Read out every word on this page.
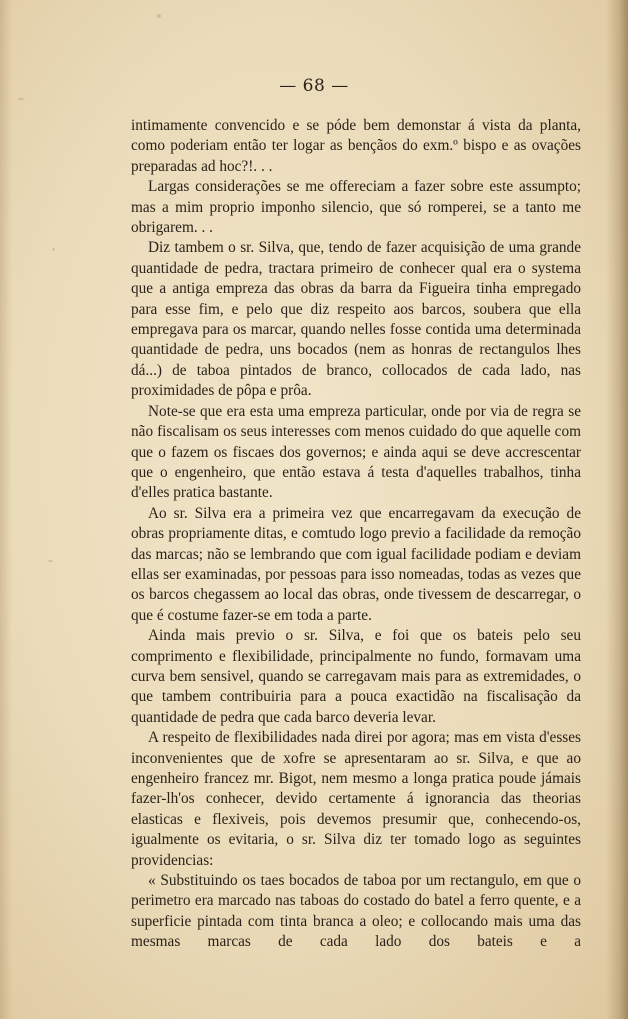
— 68 —

intimamente convencido e se póde bem demonstar á vista da planta, como poderiam então ter logar as bençãos do exm.º bispo e as ovações preparadas ad hoc?!. . .

Largas considerações se me offereciam a fazer sobre este assumpto; mas a mim proprio imponho silencio, que só romperei, se a tanto me obrigarem. . .

Diz tambem o sr. Silva, que, tendo de fazer acquisição de uma grande quantidade de pedra, tractara primeiro de conhecer qual era o systema que a antiga empreza das obras da barra da Figueira tinha empregado para esse fim, e pelo que diz respeito aos barcos, soubera que ella empregava para os marcar, quando nelles fosse contida uma determinada quantidade de pedra, uns bocados (nem as honras de rectangulos lhes dá...) de taboa pintados de branco, collocados de cada lado, nas proximidades de pôpa e prôa.

Note-se que era esta uma empreza particular, onde por via de regra se não fiscalisam os seus interesses com menos cuidado do que aquelle com que o fazem os fiscaes dos governos; e ainda aqui se deve accrescentar que o engenheiro, que então estava á testa d'aquelles trabalhos, tinha d'elles pratica bastante.

Ao sr. Silva era a primeira vez que encarregavam da execução de obras propriamente ditas, e comtudo logo previo a facilidade da remoção das marcas; não se lembrando que com igual facilidade podiam e deviam ellas ser examinadas, por pessoas para isso nomeadas, todas as vezes que os barcos chegassem ao local das obras, onde tivessem de descarregar, o que é costume fazer-se em toda a parte.

Ainda mais previo o sr. Silva, e foi que os bateis pelo seu comprimento e flexibilidade, principalmente no fundo, formavam uma curva bem sensivel, quando se carregavam mais para as extremidades, o que tambem contribuiria para a pouca exactidão na fiscalisação da quantidade de pedra que cada barco deveria levar.

A respeito de flexibilidades nada direi por agora; mas em vista d'esses inconvenientes que de xofre se apresentaram ao sr. Silva, e que ao engenheiro francez mr. Bigot, nem mesmo a longa pratica poude jámais fazer-lh'os conhecer, devido certamente á ignorancia das theorias elasticas e flexiveis, pois devemos presumir que, conhecendo-os, igualmente os evitaria, o sr. Silva diz ter tomado logo as seguintes providencias:

« Substituindo os taes bocados de taboa por um rectangulo, em que o perimetro era marcado nas taboas do costado do batel a ferro quente, e a superficie pintada com tinta branca a oleo; e collocando mais uma das mesmas marcas de cada lado dos bateis e a
